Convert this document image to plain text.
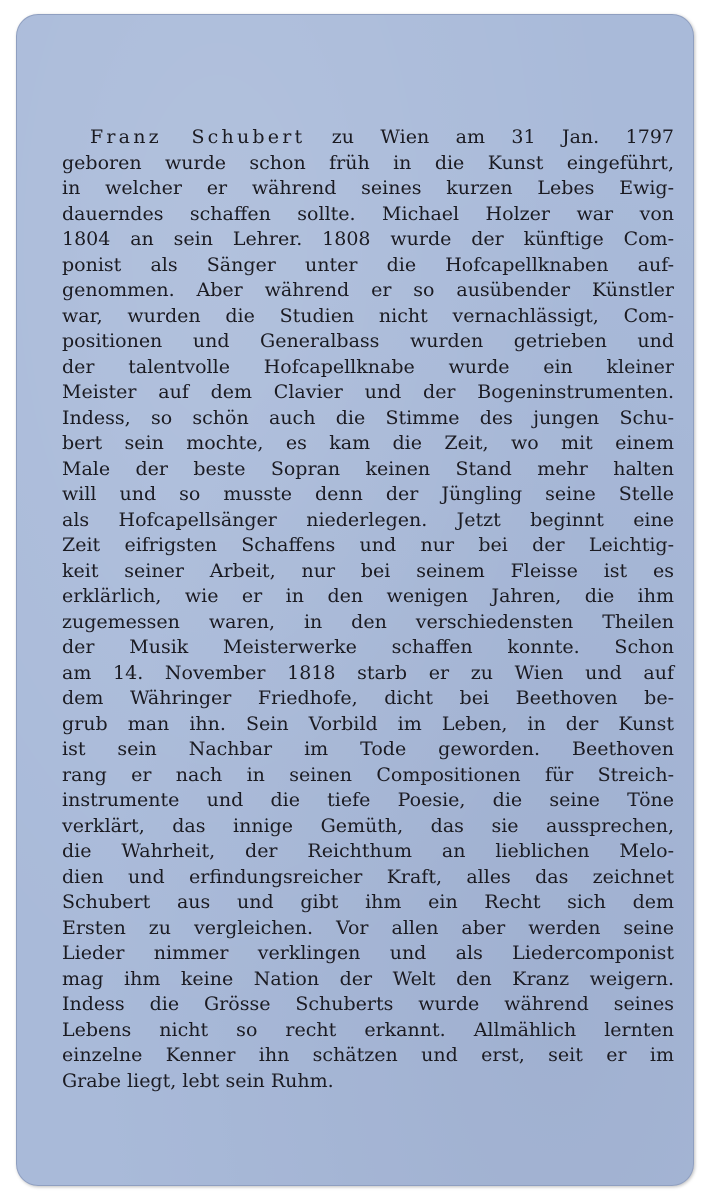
Franz Schubert zu Wien am 31 Jan. 1797
geboren wurde schon früh in die Kunst eingeführt,
in welcher er während seines kurzen Lebes Ewig-
dauerndes schaffen sollte. Michael Holzer war von
1804 an sein Lehrer. 1808 wurde der künftige Com-
ponist als Sänger unter die Hofcapellknaben auf-
genommen. Aber während er so ausübender Künstler
war, wurden die Studien nicht vernachlässigt, Com-
positionen und Generalbass wurden getrieben und
der talentvolle Hofcapellknabe wurde ein kleiner
Meister auf dem Clavier und der Bogeninstrumenten.
Indess, so schön auch die Stimme des jungen Schu-
bert sein mochte, es kam die Zeit, wo mit einem
Male der beste Sopran keinen Stand mehr halten
will und so musste denn der Jüngling seine Stelle
als Hofcapellsänger niederlegen. Jetzt beginnt eine
Zeit eifrigsten Schaffens und nur bei der Leichtig-
keit seiner Arbeit, nur bei seinem Fleisse ist es
erklärlich, wie er in den wenigen Jahren, die ihm
zugemessen waren, in den verschiedensten Theilen
der Musik Meisterwerke schaffen konnte. Schon
am 14. November 1818 starb er zu Wien und auf
dem Währinger Friedhofe, dicht bei Beethoven be-
grub man ihn. Sein Vorbild im Leben, in der Kunst
ist sein Nachbar im Tode geworden. Beethoven
rang er nach in seinen Compositionen für Streich-
instrumente und die tiefe Poesie, die seine Töne
verklärt, das innige Gemüth, das sie aussprechen,
die Wahrheit, der Reichthum an lieblichen Melo-
dien und erfindungsreicher Kraft, alles das zeichnet
Schubert aus und gibt ihm ein Recht sich dem
Ersten zu vergleichen. Vor allen aber werden seine
Lieder nimmer verklingen und als Liedercomponist
mag ihm keine Nation der Welt den Kranz weigern.
Indess die Grösse Schuberts wurde während seines
Lebens nicht so recht erkannt. Allmählich lernten
einzelne Kenner ihn schätzen und erst, seit er im
Grabe liegt, lebt sein Ruhm.
